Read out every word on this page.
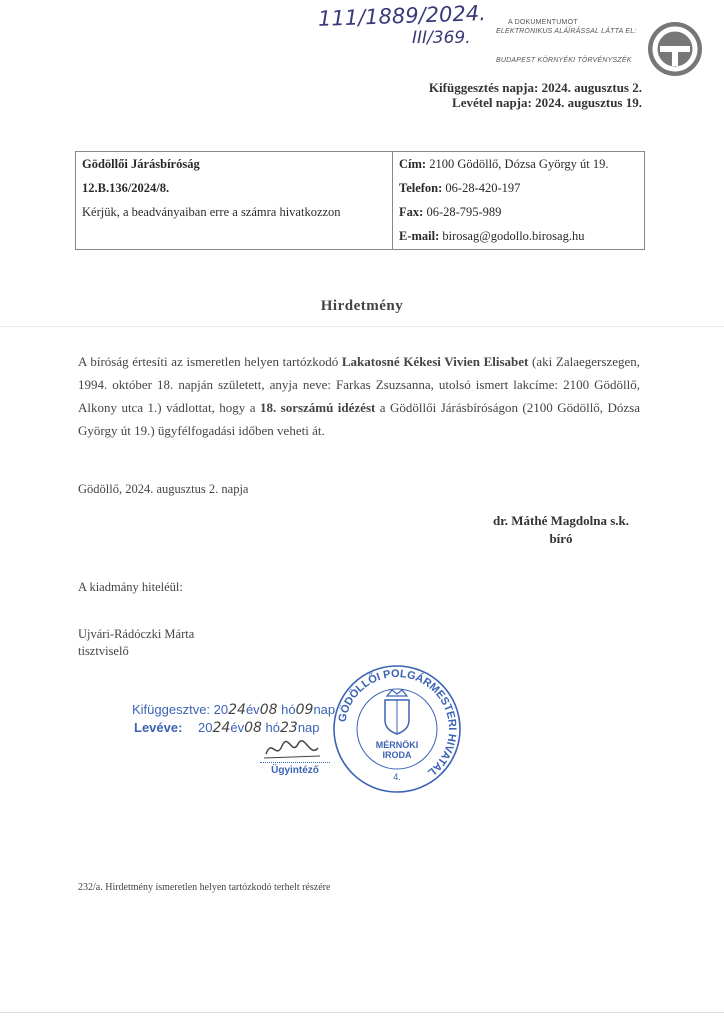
111/1889/2024.
III/369.
A DOKUMENTUMOT
ELEKTRONIKUS ALÁÍRÁSSAL LÁTTA EL:
BUDAPEST KÖRNYÉKI TÖRVÉNYSZÉK
Kifüggesztés napja: 2024. augusztus 2.
Levétel napja: 2024. augusztus 19.
Gödöllői Járásbíróság
12.B.136/2024/8.
Kérjük, a beadványaiban erre a számra hivatkozzon

Cím: 2100 Gödöllő, Dózsa György út 19.
Telefon: 06-28-420-197
Fax: 06-28-795-989
E-mail: birosag@godollo.birosag.hu
Hirdetmény
A bíróság értesíti az ismeretlen helyen tartózkodó Lakatosné Kékesi Vivien Elisabet (aki Zalaegerszegen, 1994. október 18. napján született, anyja neve: Farkas Zsuzsanna, utolsó ismert lakcíme: 2100 Gödöllő, Alkony utca 1.) vádlottat, hogy a 18. sorszámú idézést a Gödöllői Járásbíróságon (2100 Gödöllő, Dózsa György út 19.) ügyfélfogadási időben veheti át.
Gödöllő, 2024. augusztus 2. napja
dr. Máthé Magdolna s.k.
bíró
A kiadmány hiteléül:
Ujvári-Rádóczki Márta
tisztviselő
Kifüggesztve: 2024év08 hó09nap
Levéve: 2024év08 hó23nap
Ügyintéző
GÖDÖLLŐI POLGÁRMESTERI HIVATAL
MÉRNÖKI
IRODA
4.
232/a. Hirdetmény ismeretlen helyen tartózkodó terhelt részére
